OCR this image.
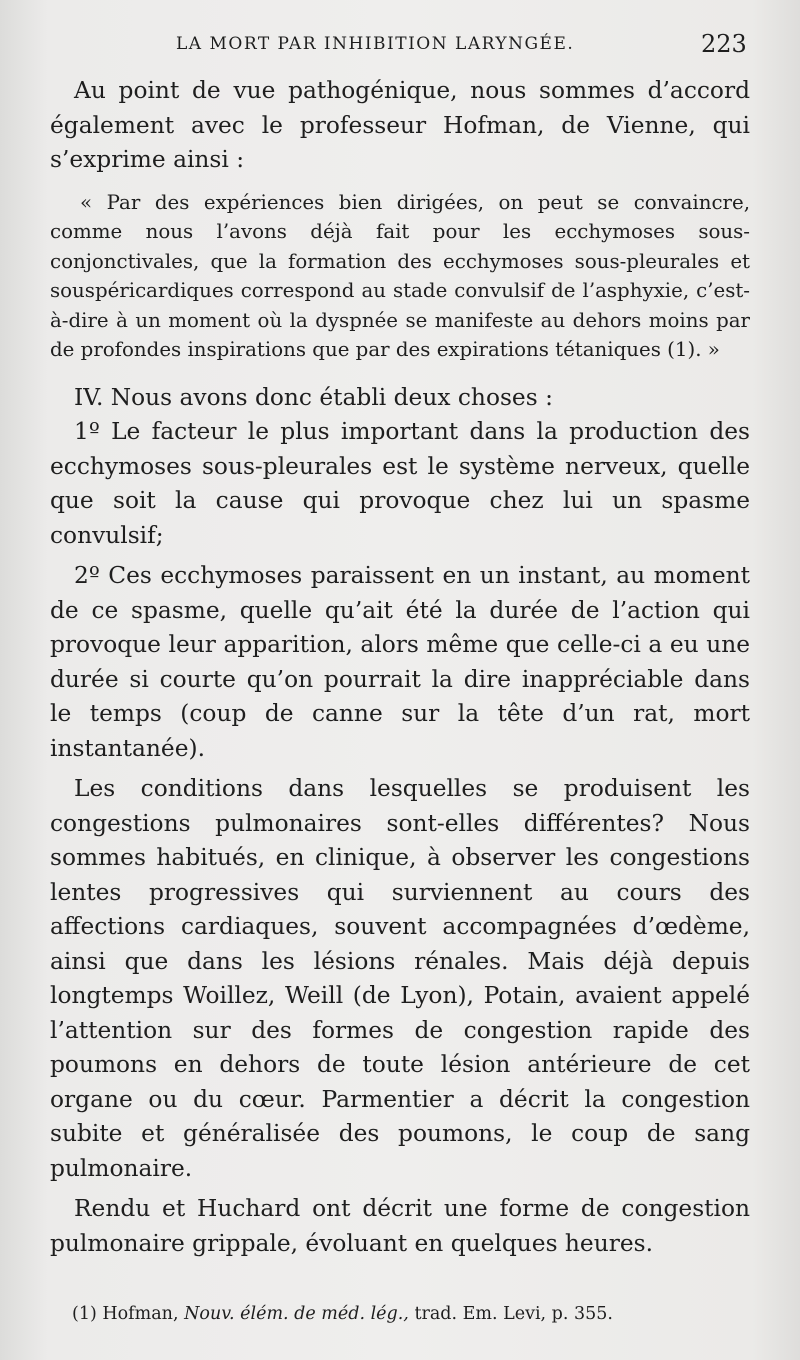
LA MORT PAR INHIBITION LARYNGÉE.	223

Au point de vue pathogénique, nous sommes d’accord également avec le professeur Hofman, de Vienne, qui s’exprime ainsi :

« Par des expériences bien dirigées, on peut se convaincre, comme nous l’avons déjà fait pour les ecchymoses sous-conjonctivales, que la formation des ecchymoses sous-pleurales et souspéricardiques correspond au stade convulsif de l’asphyxie, c’est-à-dire à un moment où la dyspnée se manifeste au dehors moins par de profondes inspirations que par des expirations tétaniques (1). »

IV. Nous avons donc établi deux choses :

1º Le facteur le plus important dans la production des ecchymoses sous-pleurales est le système nerveux, quelle que soit la cause qui provoque chez lui un spasme convulsif;

2º Ces ecchymoses paraissent en un instant, au moment de ce spasme, quelle qu’ait été la durée de l’action qui provoque leur apparition, alors même que celle-ci a eu une durée si courte qu’on pourrait la dire inappréciable dans le temps (coup de canne sur la tête d’un rat, mort instantanée).

Les conditions dans lesquelles se produisent les congestions pulmonaires sont-elles différentes? Nous sommes habitués, en clinique, à observer les congestions lentes progressives qui surviennent au cours des affections cardiaques, souvent accompagnées d’œdème, ainsi que dans les lésions rénales. Mais déjà depuis longtemps Woillez, Weill (de Lyon), Potain, avaient appelé l’attention sur des formes de congestion rapide des poumons en dehors de toute lésion antérieure de cet organe ou du cœur. Parmentier a décrit la congestion subite et généralisée des poumons, le coup de sang pulmonaire.

Rendu et Huchard ont décrit une forme de congestion pulmonaire grippale, évoluant en quelques heures.

(1) Hofman, Nouv. élém. de méd. lég., trad. Em. Levi, p. 355.
